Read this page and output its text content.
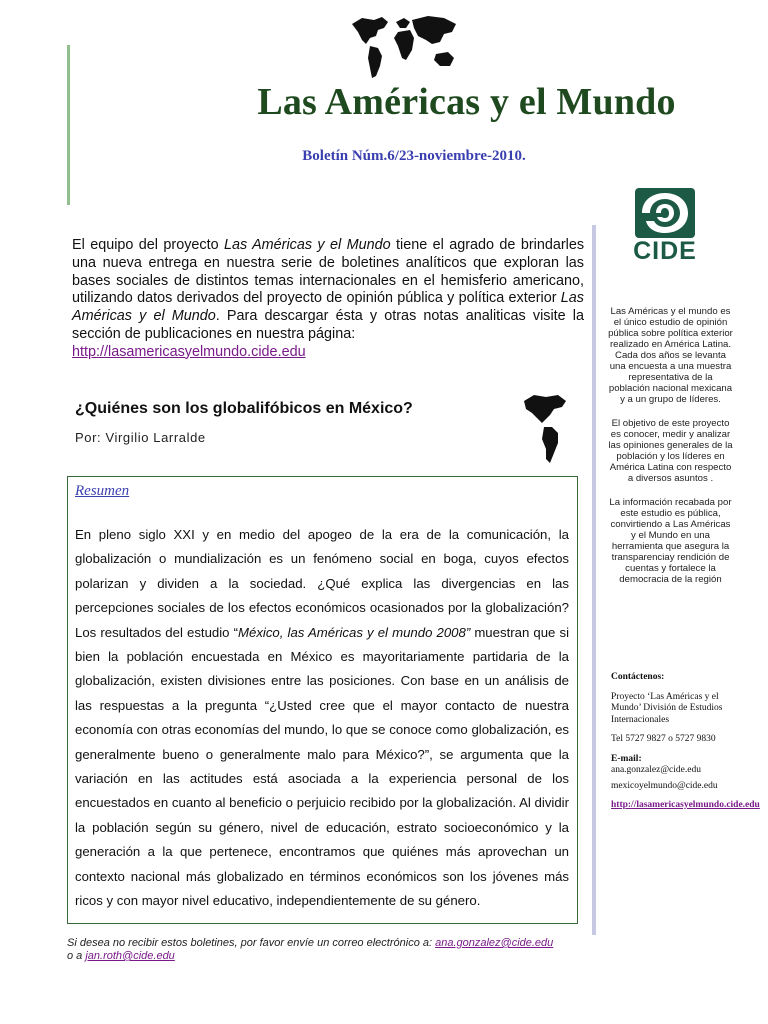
Las Américas y el Mundo
Boletín Núm.6/23-noviembre-2010.
El equipo del proyecto Las Américas y el Mundo tiene el agrado de brindarles una nueva entrega en nuestra serie de boletines analíticos que exploran las bases sociales de distintos temas internacionales en el hemisferio americano, utilizando datos derivados del proyecto de opinión pública y política exterior Las Américas y el Mundo. Para descargar ésta y otras notas analiticas visite la sección de publicaciones en nuestra página:
http://lasamericasyelmundo.cide.edu
¿Quiénes son los globalifóbicos en México?
Por: Virgilio Larralde
Resumen
En pleno siglo XXI y en medio del apogeo de la era de la comunicación, la globalización o mundialización es un fenómeno social en boga, cuyos efectos polarizan y dividen a la sociedad. ¿Qué explica las divergencias en las percepciones sociales de los efectos económicos ocasionados por la globalización? Los resultados del estudio “México, las Américas y el mundo 2008” muestran que si bien la población encuestada en México es mayoritariamente partidaria de la globalización, existen divisiones entre las posiciones. Con base en un análisis de las respuestas a la pregunta “¿Usted cree que el mayor contacto de nuestra economía con otras economías del mundo, lo que se conoce como globalización, es generalmente bueno o generalmente malo para México?”, se argumenta que la variación en las actitudes está asociada a la experiencia personal de los encuestados en cuanto al beneficio o perjuicio recibido por la globalización. Al dividir la población según su género, nivel de educación, estrato socioeconómico y la generación a la que pertenece, encontramos que quiénes más aprovechan un contexto nacional más globalizado en términos económicos son los jóvenes más ricos y con mayor nivel educativo, independientemente de su género.
Si desea no recibir estos boletines, por favor envíe un correo electrónico a: ana.gonzalez@cide.edu
o a jan.roth@cide.edu
CIDE

Las Américas y el mundo es el único estudio de opinión pública sobre política exterior realizado en América Latina. Cada dos años se levanta una encuesta a una muestra representativa de la población nacional mexicana y a un grupo de líderes.

El objetivo de este proyecto es conocer, medir y analizar las opiniones generales de la población y los líderes en América Latina con respecto a diversos asuntos .

La información recabada por este estudio es pública, convirtiendo a Las Américas y el Mundo en una herramienta que asegura la transparenciay rendición de cuentas y fortalece la democracia de la región

Contáctenos:
Proyecto ‘Las Américas y el Mundo’ División de Estudios Internacionales
Tel 5727 9827 o 5727 9830
E-mail:
ana.gonzalez@cide.edu
mexicoyelmundo@cide.edu
http://lasamericasyelmundo.cide.edu
